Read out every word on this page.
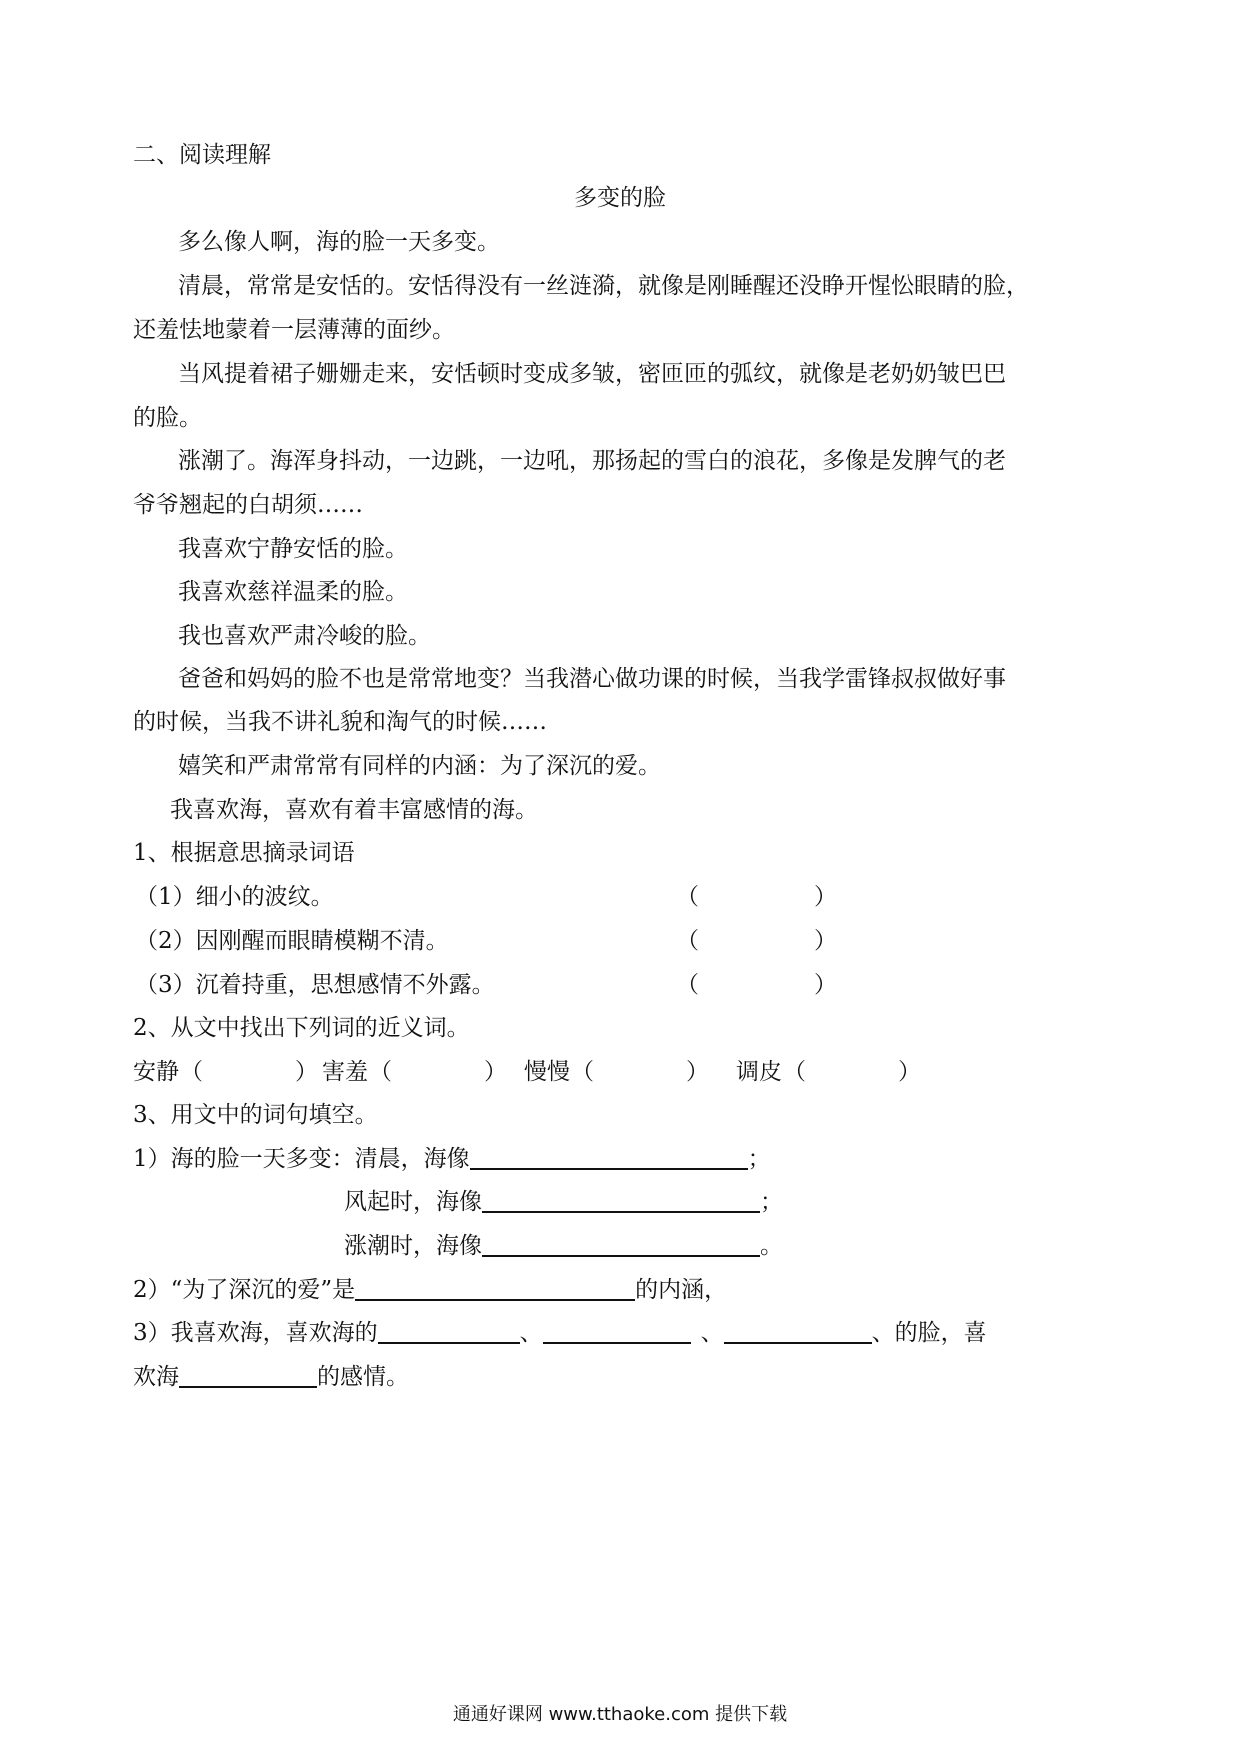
二、阅读理解
多变的脸
多么像人啊，海的脸一天多变。
清晨，常常是安恬的。安恬得没有一丝涟漪，就像是刚睡醒还没睁开惺忪眼睛的脸，
还羞怯地蒙着一层薄薄的面纱。
当风提着裙子姗姗走来，安恬顿时变成多皱，密匝匝的弧纹，就像是老奶奶皱巴巴
的脸。
涨潮了。海浑身抖动，一边跳，一边吼，那扬起的雪白的浪花，多像是发脾气的老
爷爷翘起的白胡须……
我喜欢宁静安恬的脸。
我喜欢慈祥温柔的脸。
我也喜欢严肃冷峻的脸。
爸爸和妈妈的脸不也是常常地变？当我潜心做功课的时候，当我学雷锋叔叔做好事
的时候，当我不讲礼貌和淘气的时候……
嬉笑和严肃常常有同样的内涵：为了深沉的爱。
我喜欢海，喜欢有着丰富感情的海。
1、根据意思摘录词语
（1）细小的波纹。	（　　　　　）
（2）因刚醒而眼睛模糊不清。	（　　　　　）
（3）沉着持重，思想感情不外露。	（　　　　　）
2、从文中找出下列词的近义词。
安静 （　　　　） 害羞 （　　　　） 慢慢 （　　　　） 调皮 （　　　　）
3、用文中的词句填空。
1）海的脸一天多变：清晨，海像	；
风起时，海像	；
涨潮时，海像	。
2）“为了深沉的爱”是	的内涵，
3）我喜欢海，喜欢海的	、	、	、的脸，喜
欢海	的感情。
通通好课网 www.tthaoke.com 提供下载
